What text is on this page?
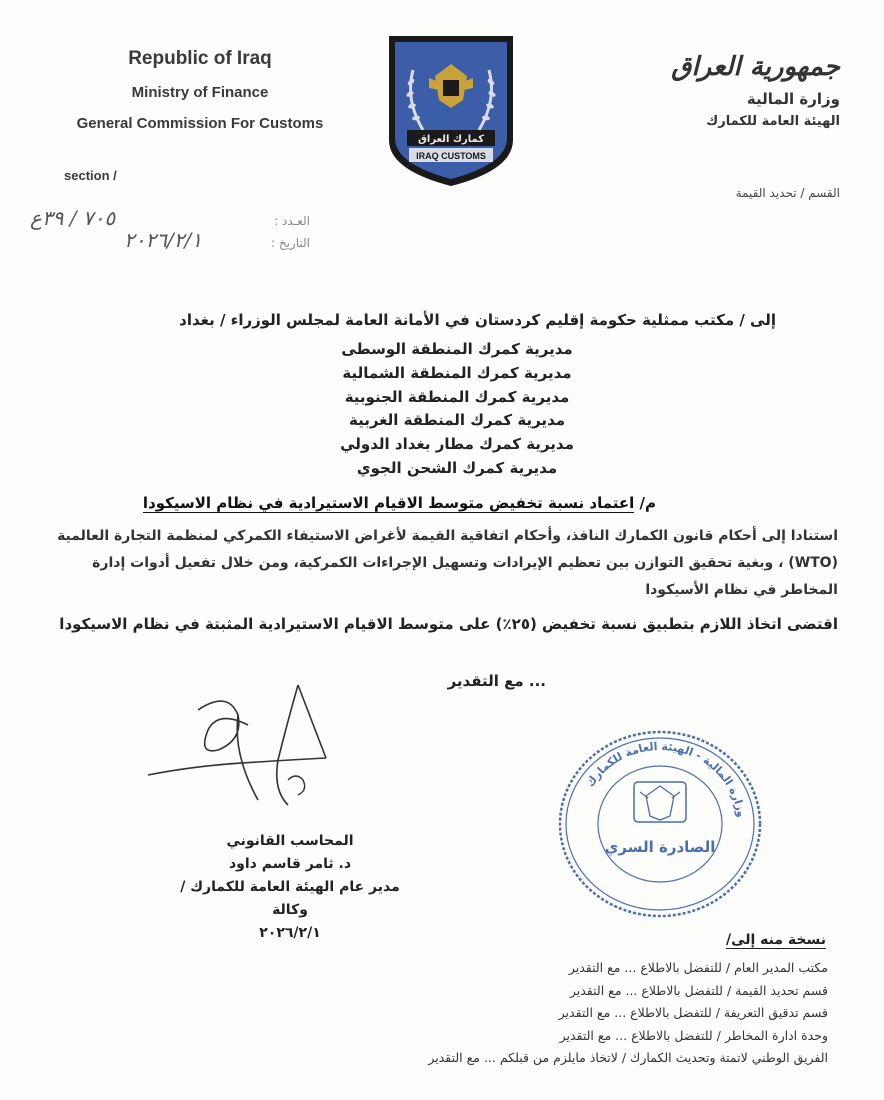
Republic of Iraq
Ministry of Finance
General Commission For Customs
section /
كمارك العراق
IRAQ CUSTOMS
جمهورية العراق
وزارة المالية
الهيئة العامة للكمارك
القسم / تحديد القيمة
العـدد :
التاريخ :
٧٠٥ / ٣٩ع
٢٠٢٦/٢/١
إلى / مكتب ممثلية حكومة إقليم كردستان في الأمانة العامة لمجلس الوزراء / بغداد
مديرية كمرك المنطقة الوسطى
مديرية كمرك المنطقة الشمالية
مديرية كمرك المنطقة الجنوبية
مديرية كمرك المنطقة الغربية
مديرية كمرك مطار بغداد الدولي
مديرية كمرك الشحن الجوي
م/ اعتماد نسبة تخفيض متوسط الاقيام الاستيرادية في نظام الاسيكودا
استنادا إلى أحكام قانون الكمارك النافذ، وأحكام اتفاقية القيمة لأغراض الاستيفاء الكمركي لمنظمة التجارة العالمية (WTO) ، وبغية تحقيق التوازن بين تعظيم الإيرادات وتسهيل الإجراءات الكمركية، ومن خلال تفعيل أدوات إدارة المخاطر في نظام الأسيكودا
اقتضى اتخاذ اللازم بتطبيق نسبة تخفيض (٢٥٪) على متوسط الاقيام الاستيرادية المثبتة في نظام الاسيكودا
... مع التقدير
المحاسب القانوني
د. ثامر قاسم داود
مدير عام الهيئة العامة للكمارك / وكالة
٢٠٢٦/٢/١
وزارة المالية - الهيئة العامة للكمارك
الصادرة السري
نسخة منه إلى/
مكتب المدير العام / للتفضل بالاطلاع ... مع التقدير
قسم تحديد القيمة / للتفضل بالاطلاع ... مع التقدير
قسم تدقيق التعريفة / للتفضل بالاطلاع ... مع التقدير
وحدة ادارة المخاطر / للتفضل بالاطلاع ... مع التقدير
الفريق الوطني لاتمتة وتحديث الكمارك / لاتخاذ مايلزم من قبلكم ... مع التقدير
